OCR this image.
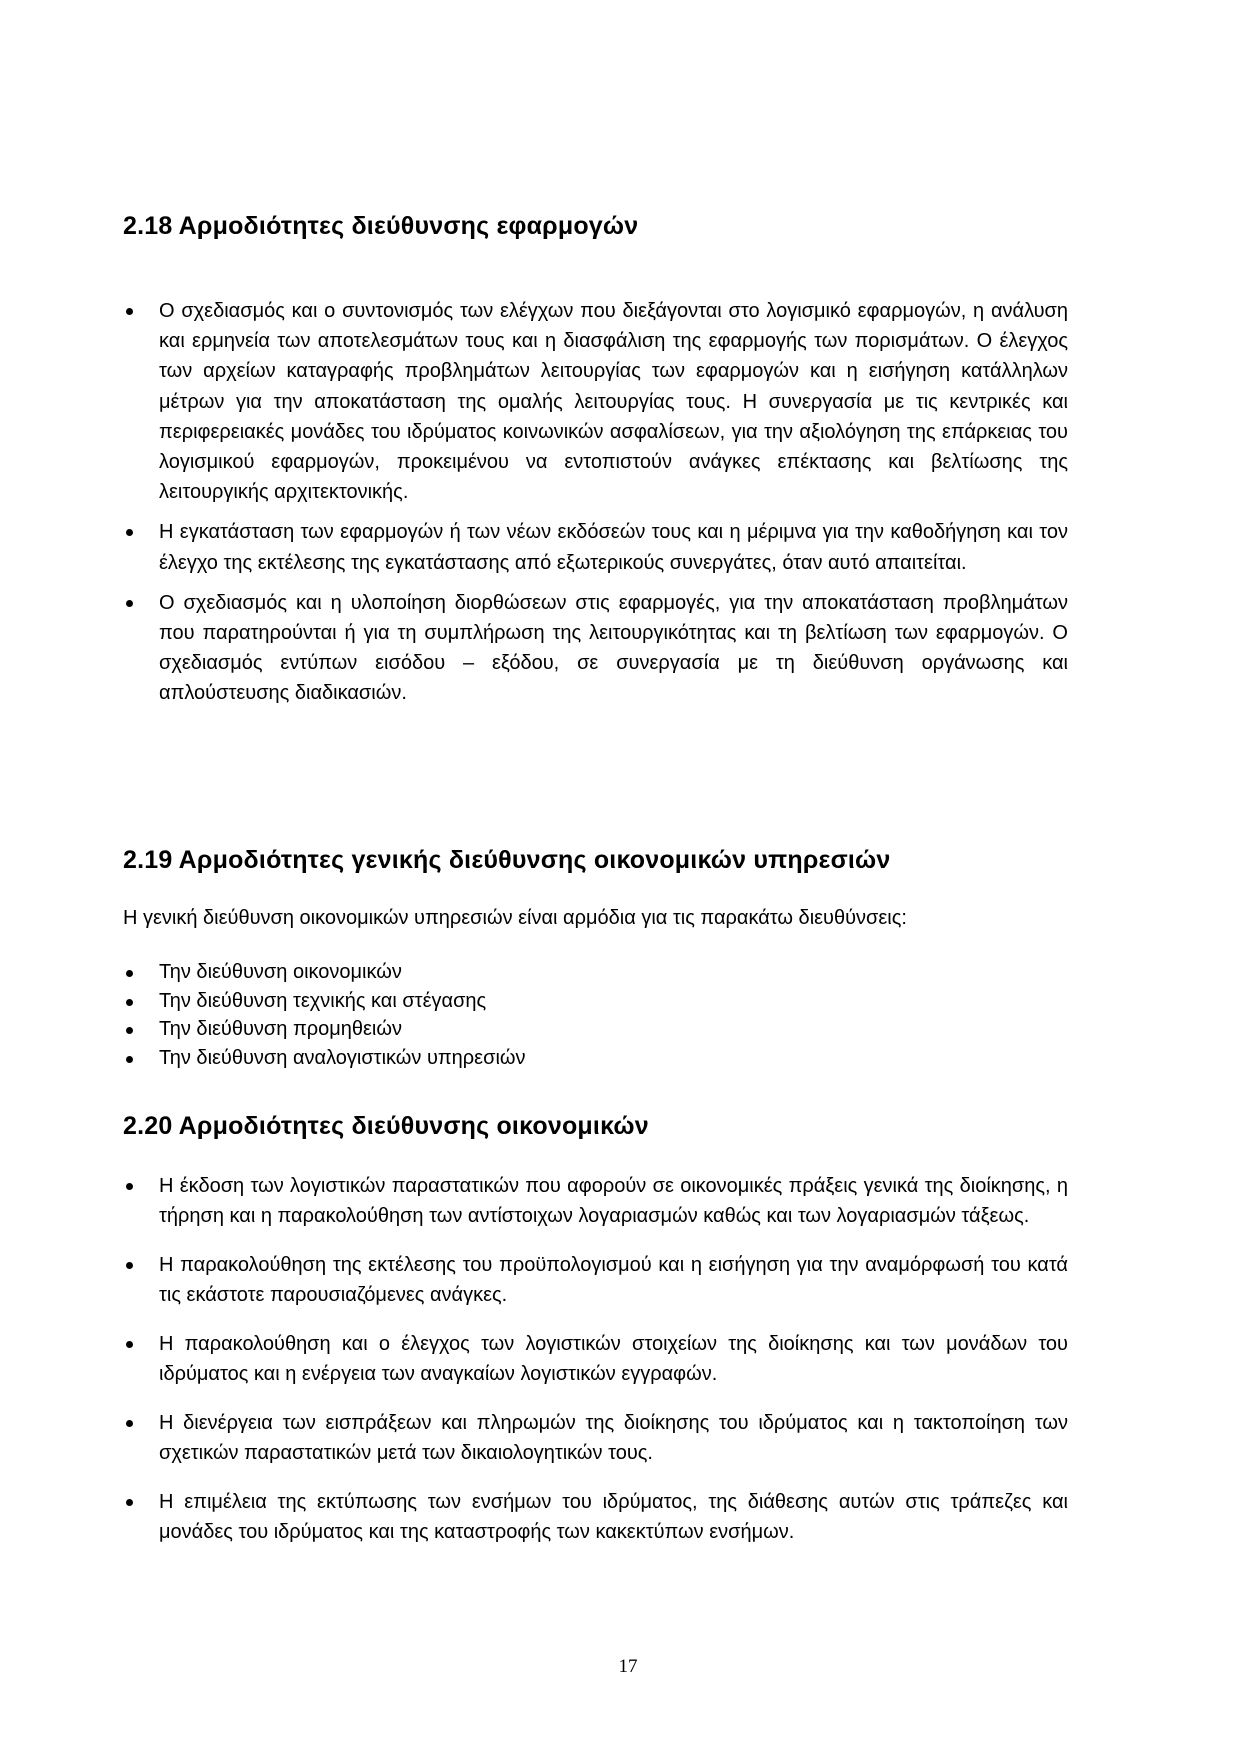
2.18 Αρμοδιότητες διεύθυνσης εφαρμογών
Ο σχεδιασμός και ο συντονισμός των ελέγχων που διεξάγονται στο λογισμικό εφαρμογών, η ανάλυση και ερμηνεία των αποτελεσμάτων τους και η διασφάλιση της εφαρμογής των πορισμάτων. Ο έλεγχος των αρχείων καταγραφής προβλημάτων λειτουργίας των εφαρμογών και η εισήγηση κατάλληλων μέτρων για την αποκατάσταση της ομαλής λειτουργίας τους. Η συνεργασία με τις κεντρικές και περιφερειακές μονάδες του ιδρύματος κοινωνικών ασφαλίσεων, για την αξιολόγηση της επάρκειας του λογισμικού εφαρμογών, προκειμένου να εντοπιστούν ανάγκες επέκτασης και βελτίωσης της λειτουργικής αρχιτεκτονικής.
Η εγκατάσταση των εφαρμογών ή των νέων εκδόσεών τους και η μέριμνα για την καθοδήγηση και τον έλεγχο της εκτέλεσης της εγκατάστασης από εξωτερικούς συνεργάτες, όταν αυτό απαιτείται.
Ο σχεδιασμός και η υλοποίηση διορθώσεων στις εφαρμογές, για την αποκατάσταση προβλημάτων που παρατηρούνται ή για τη συμπλήρωση της λειτουργικότητας και τη βελτίωση των εφαρμογών. Ο σχεδιασμός εντύπων εισόδου – εξόδου, σε συνεργασία με τη διεύθυνση οργάνωσης και απλούστευσης διαδικασιών.
2.19 Αρμοδιότητες γενικής διεύθυνσης οικονομικών υπηρεσιών

Η γενική διεύθυνση οικονομικών υπηρεσιών είναι αρμόδια για τις παρακάτω διευθύνσεις:

Την διεύθυνση οικονομικών
Την διεύθυνση τεχνικής και στέγασης
Την διεύθυνση προμηθειών
Την διεύθυνση αναλογιστικών υπηρεσιών
2.20 Αρμοδιότητες διεύθυνσης οικονομικών
Η έκδοση των λογιστικών παραστατικών που αφορούν σε οικονομικές πράξεις γενικά της διοίκησης, η τήρηση και η παρακολούθηση των αντίστοιχων λογαριασμών καθώς και των λογαριασμών τάξεως.
Η παρακολούθηση της εκτέλεσης του προϋπολογισμού και η εισήγηση για την αναμόρφωσή του κατά τις εκάστοτε παρουσιαζόμενες ανάγκες.
Η παρακολούθηση και ο έλεγχος των λογιστικών στοιχείων της διοίκησης και των μονάδων του ιδρύματος και η ενέργεια των αναγκαίων λογιστικών εγγραφών.
Η διενέργεια των εισπράξεων και πληρωμών της διοίκησης του ιδρύματος και η τακτοποίηση των σχετικών παραστατικών μετά των δικαιολογητικών τους.
Η επιμέλεια της εκτύπωσης των ενσήμων του ιδρύματος, της διάθεσης αυτών στις τράπεζες και μονάδες του ιδρύματος και της καταστροφής των κακεκτύπων ενσήμων.
17
